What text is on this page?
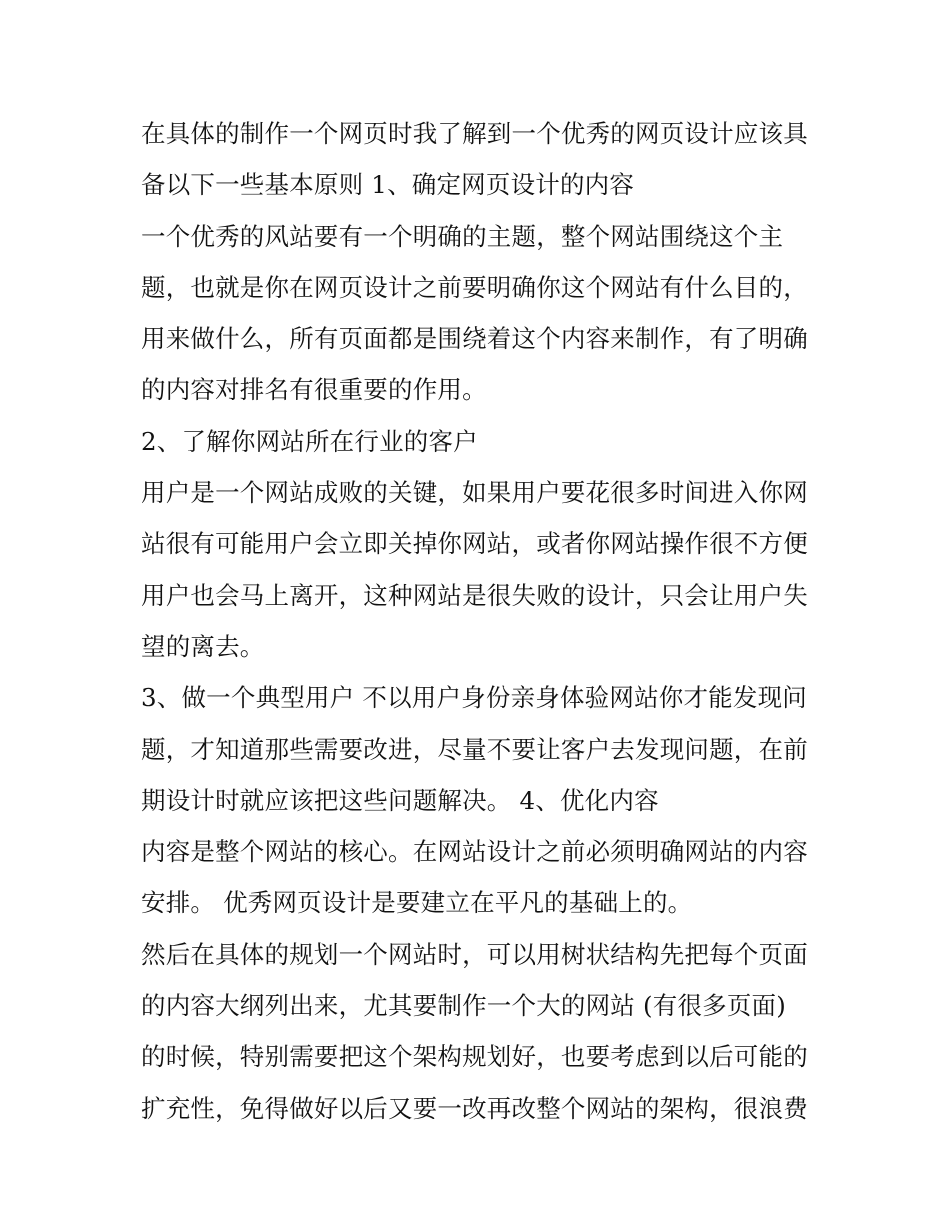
在具体的制作一个网页时我了解到一个优秀的网页设计应该具
备以下一些基本原则 1、确定网页设计的内容
一个优秀的风站要有一个明确的主题，整个网站围绕这个主
题，也就是你在网页设计之前要明确你这个网站有什么目的，
用来做什么，所有页面都是围绕着这个内容来制作，有了明确
的内容对排名有很重要的作用。
2、了解你网站所在行业的客户
用户是一个网站成败的关键，如果用户要花很多时间进入你网
站很有可能用户会立即关掉你网站，或者你网站操作很不方便
用户也会马上离开，这种网站是很失败的设计，只会让用户失
望的离去。
3、做一个典型用户 不以用户身份亲身体验网站你才能发现问
题，才知道那些需要改进，尽量不要让客户去发现问题，在前
期设计时就应该把这些问题解决。 4、优化内容
内容是整个网站的核心。在网站设计之前必须明确网站的内容
安排。 优秀网页设计是要建立在平凡的基础上的。
然后在具体的规划一个网站时，可以用树状结构先把每个页面
的内容大纲列出来，尤其要制作一个大的网站 (有很多页面)
的时候，特别需要把这个架构规划好，也要考虑到以后可能的
扩充性，免得做好以后又要一改再改整个网站的架构，很浪费
